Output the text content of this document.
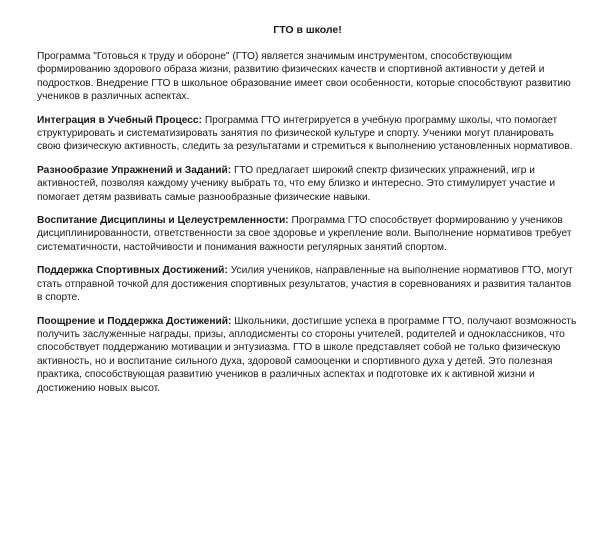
ГТО в школе!

Программа "Готовься к труду и обороне" (ГТО) является значимым инструментом, способствующим формированию здорового образа жизни, развитию физических качеств и спортивной активности у детей и подростков. Внедрение ГТО в школьное образование имеет свои особенности, которые способствуют развитию учеников в различных аспектах.

Интеграция в Учебный Процесс: Программа ГТО интегрируется в учебную программу школы, что помогает структурировать и систематизировать занятия по физической культуре и спорту. Ученики могут планировать свою физическую активность, следить за результатами и стремиться к выполнению установленных нормативов.

Разнообразие Упражнений и Заданий: ГТО предлагает широкий спектр физических упражнений, игр и активностей, позволяя каждому ученику выбрать то, что ему близко и интересно. Это стимулирует участие и помогает детям развивать самые разнообразные физические навыки.

Воспитание Дисциплины и Целеустремленности: Программа ГТО способствует формированию у учеников дисциплинированности, ответственности за свое здоровье и укрепление воли. Выполнение нормативов требует систематичности, настойчивости и понимания важности регулярных занятий спортом.

Поддержка Спортивных Достижений: Усилия учеников, направленные на выполнение нормативов ГТО, могут стать отправной точкой для достижения спортивных результатов, участия в соревнованиях и развития талантов в спорте.

Поощрение и Поддержка Достижений: Школьники, достигшие успеха в программе ГТО, получают возможность получить заслуженные награды, призы, аплодисменты со стороны учителей, родителей и одноклассников, что способствует поддержанию мотивации и энтузиазма. ГТО в школе представляет собой не только физическую активность, но и воспитание сильного духа, здоровой самооценки и спортивного духа у детей. Это полезная практика, способствующая развитию учеников в различных аспектах и подготовке их к активной жизни и достижению новых высот.
